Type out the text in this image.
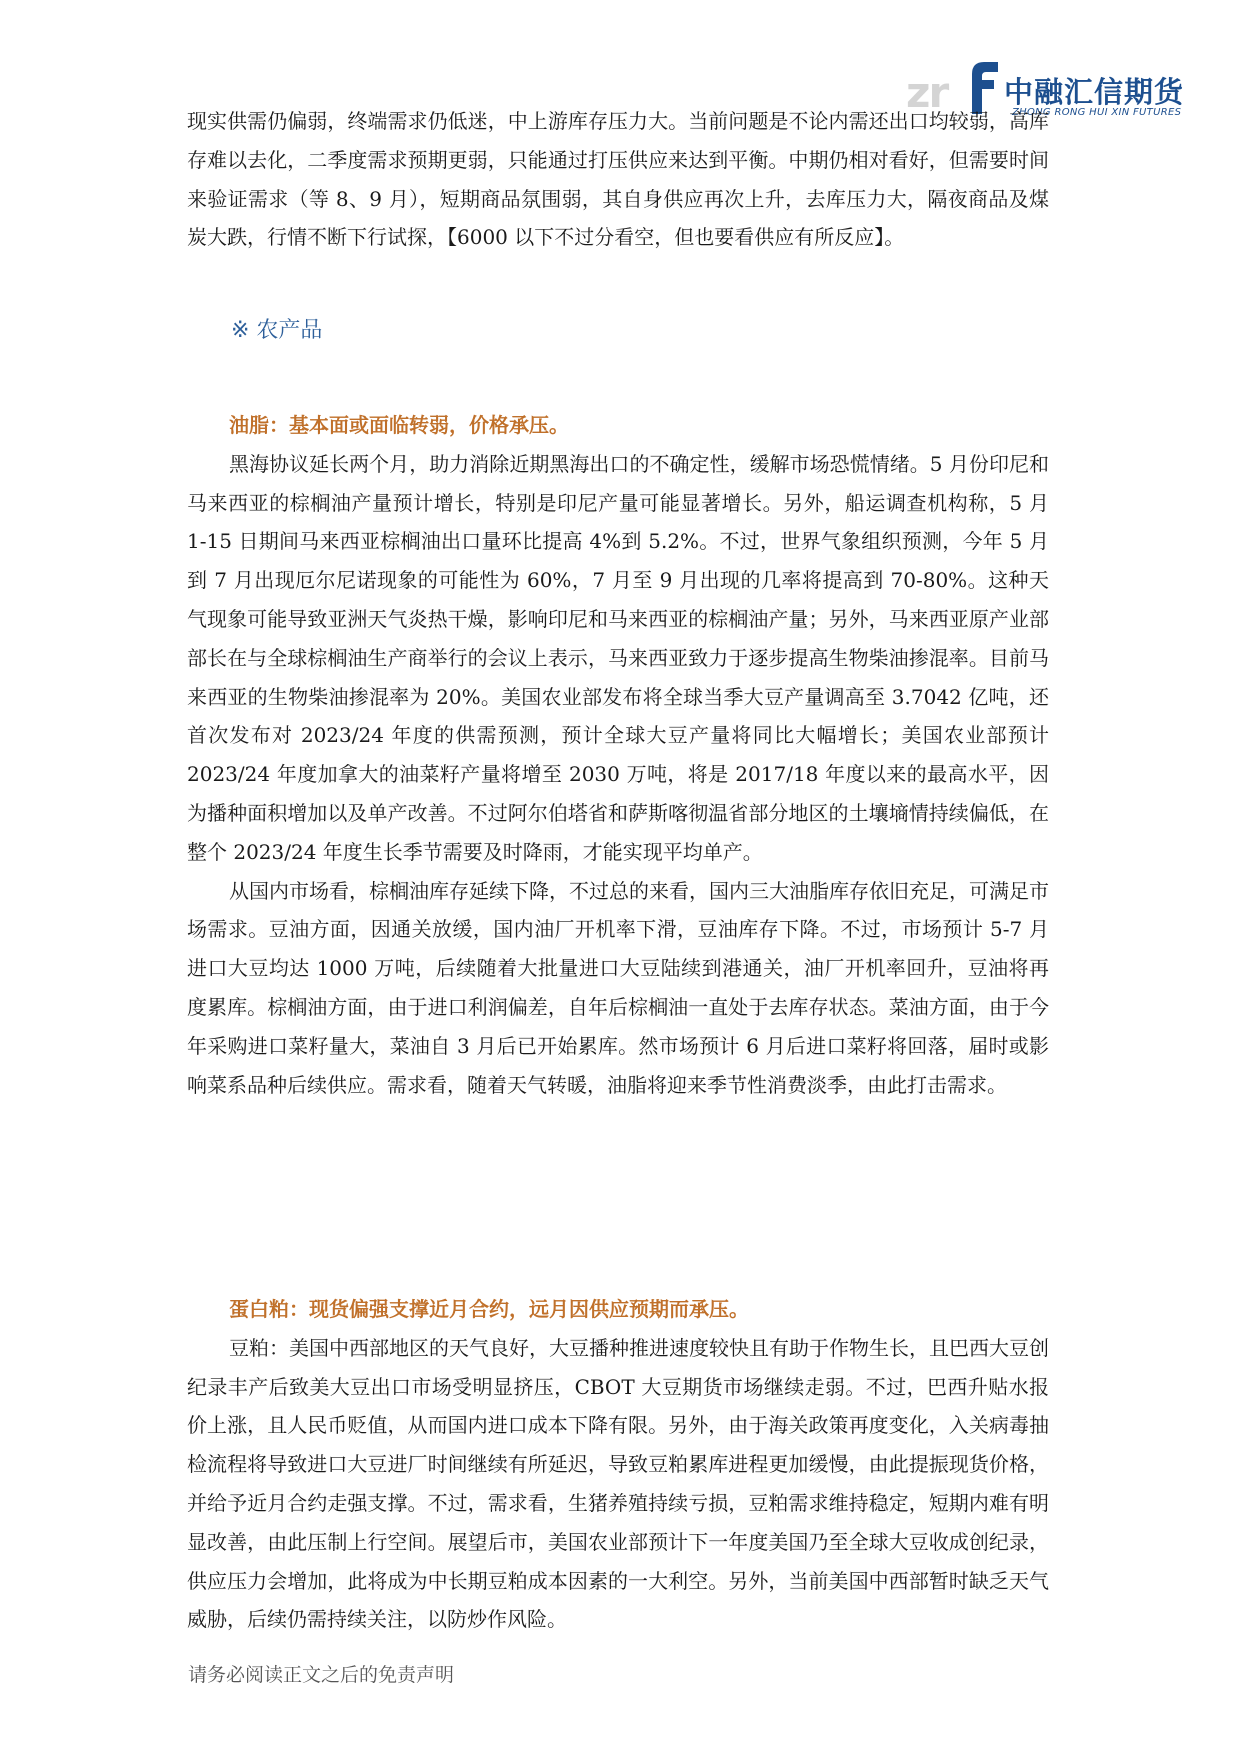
zr 中融汇信期货
ZHONG RONG HUI XIN FUTURES

现实供需仍偏弱，终端需求仍低迷，中上游库存压力大。当前问题是不论内需还出口均较弱，高库存难以去化，二季度需求预期更弱，只能通过打压供应来达到平衡。中期仍相对看好，但需要时间来验证需求（等 8、9 月），短期商品氛围弱，其自身供应再次上升，去库压力大，隔夜商品及煤炭大跌，行情不断下行试探，【6000 以下不过分看空，但也要看供应有所反应】。

※ 农产品

油脂：基本面或面临转弱，价格承压。

黑海协议延长两个月，助力消除近期黑海出口的不确定性，缓解市场恐慌情绪。5 月份印尼和马来西亚的棕榈油产量预计增长，特别是印尼产量可能显著增长。另外，船运调查机构称，5 月 1-15 日期间马来西亚棕榈油出口量环比提高 4%到 5.2%。不过，世界气象组织预测，今年 5 月到 7 月出现厄尔尼诺现象的可能性为 60%，7 月至 9 月出现的几率将提高到 70-80%。这种天气现象可能导致亚洲天气炎热干燥，影响印尼和马来西亚的棕榈油产量；另外，马来西亚原产业部部长在与全球棕榈油生产商举行的会议上表示，马来西亚致力于逐步提高生物柴油掺混率。目前马来西亚的生物柴油掺混率为 20%。美国农业部发布将全球当季大豆产量调高至 3.7042 亿吨，还首次发布对 2023/24 年度的供需预测，预计全球大豆产量将同比大幅增长；美国农业部预计 2023/24 年度加拿大的油菜籽产量将增至 2030 万吨，将是 2017/18 年度以来的最高水平，因为播种面积增加以及单产改善。不过阿尔伯塔省和萨斯喀彻温省部分地区的土壤墒情持续偏低，在整个 2023/24 年度生长季节需要及时降雨，才能实现平均单产。

从国内市场看，棕榈油库存延续下降，不过总的来看，国内三大油脂库存依旧充足，可满足市场需求。豆油方面，因通关放缓，国内油厂开机率下滑，豆油库存下降。不过，市场预计 5-7 月进口大豆均达 1000 万吨，后续随着大批量进口大豆陆续到港通关，油厂开机率回升，豆油将再度累库。棕榈油方面，由于进口利润偏差，自年后棕榈油一直处于去库存状态。菜油方面，由于今年采购进口菜籽量大，菜油自 3 月后已开始累库。然市场预计 6 月后进口菜籽将回落，届时或影响菜系品种后续供应。需求看，随着天气转暖，油脂将迎来季节性消费淡季，由此打击需求。

蛋白粕：现货偏强支撑近月合约，远月因供应预期而承压。

豆粕：美国中西部地区的天气良好，大豆播种推进速度较快且有助于作物生长，且巴西大豆创纪录丰产后致美大豆出口市场受明显挤压，CBOT 大豆期货市场继续走弱。不过，巴西升贴水报价上涨，且人民币贬值，从而国内进口成本下降有限。另外，由于海关政策再度变化，入关病毒抽检流程将导致进口大豆进厂时间继续有所延迟，导致豆粕累库进程更加缓慢，由此提振现货价格，并给予近月合约走强支撑。不过，需求看，生猪养殖持续亏损，豆粕需求维持稳定，短期内难有明显改善，由此压制上行空间。展望后市，美国农业部预计下一年度美国乃至全球大豆收成创纪录，供应压力会增加，此将成为中长期豆粕成本因素的一大利空。另外，当前美国中西部暂时缺乏天气威胁，后续仍需持续关注，以防炒作风险。

请务必阅读正文之后的免责声明
